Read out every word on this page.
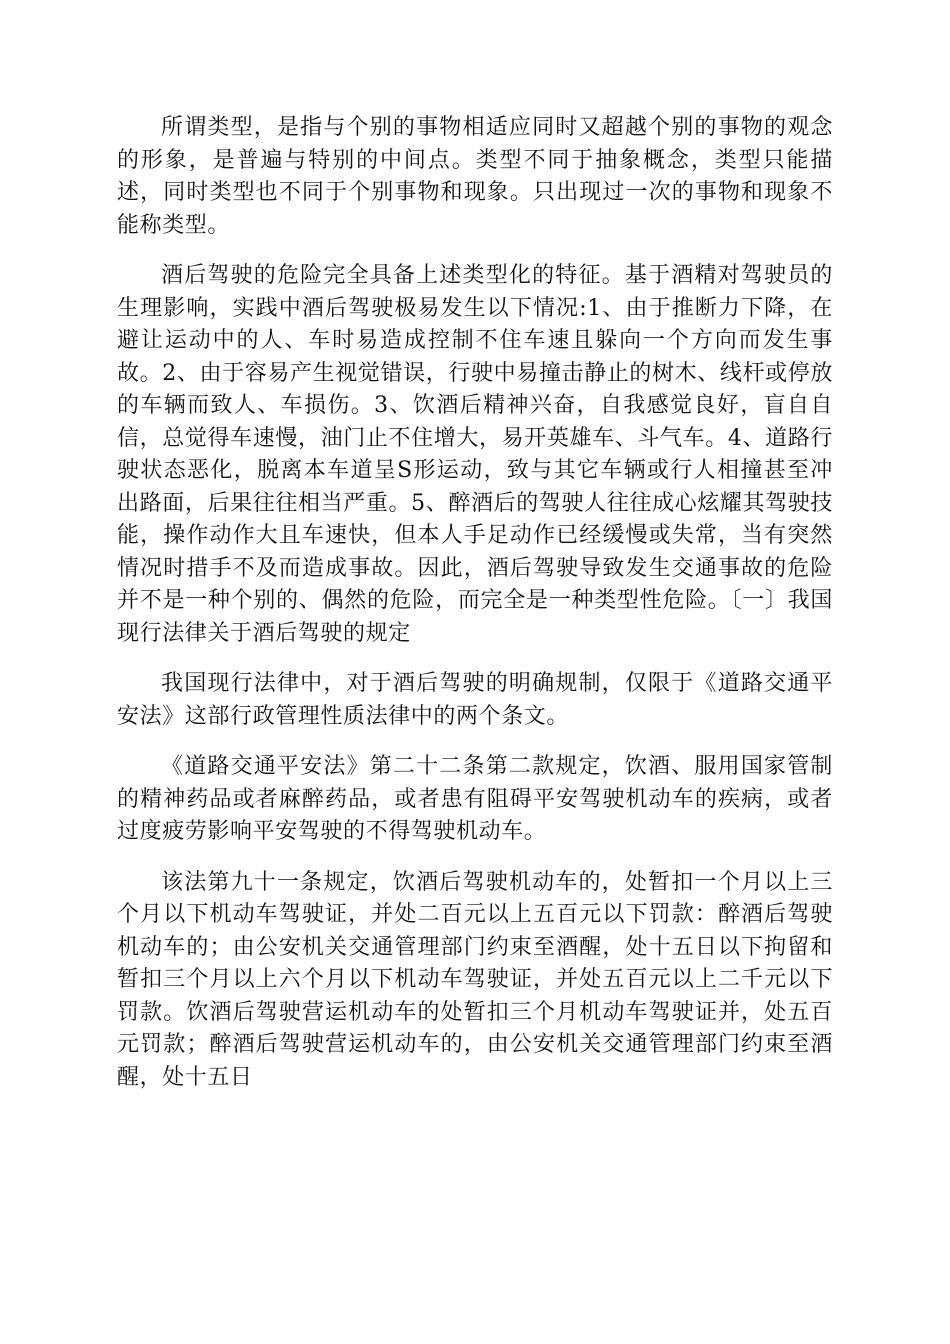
所谓类型，是指与个别的事物相适应同时又超越个别的事物的观念的形象，是普遍与特别的中间点。类型不同于抽象概念，类型只能描述，同时类型也不同于个别事物和现象。只出现过一次的事物和现象不能称类型。

酒后驾驶的危险完全具备上述类型化的特征。基于酒精对驾驶员的生理影响，实践中酒后驾驶极易发生以下情况:1、由于推断力下降，在避让运动中的人、车时易造成控制不住车速且躲向一个方向而发生事故。2、由于容易产生视觉错误，行驶中易撞击静止的树木、线杆或停放的车辆而致人、车损伤。3、饮酒后精神兴奋，自我感觉良好，盲自自信，总觉得车速慢，油门止不住增大，易开英雄车、斗气车。4、道路行驶状态恶化，脱离本车道呈S形运动，致与其它车辆或行人相撞甚至冲出路面，后果往往相当严重。5、醉酒后的驾驶人往往成心炫耀其驾驶技能，操作动作大且车速快，但本人手足动作已经缓慢或失常，当有突然情况时措手不及而造成事故。因此，酒后驾驶导致发生交通事故的危险并不是一种个别的、偶然的危险，而完全是一种类型性危险。〔一〕我国现行法律关于酒后驾驶的规定

我国现行法律中，对于酒后驾驶的明确规制，仅限于《道路交通平安法》这部行政管理性质法律中的两个条文。

《道路交通平安法》第二十二条第二款规定，饮酒、服用国家管制的精神药品或者麻醉药品，或者患有阻碍平安驾驶机动车的疾病，或者过度疲劳影响平安驾驶的不得驾驶机动车。

该法第九十一条规定，饮酒后驾驶机动车的，处暂扣一个月以上三个月以下机动车驾驶证，并处二百元以上五百元以下罚款：醉酒后驾驶机动车的；由公安机关交通管理部门约束至酒醒，处十五日以下拘留和暂扣三个月以上六个月以下机动车驾驶证，并处五百元以上二千元以下罚款。饮酒后驾驶营运机动车的处暂扣三个月机动车驾驶证并，处五百元罚款；醉酒后驾驶营运机动车的，由公安机关交通管理部门约束至酒醒，处十五日
